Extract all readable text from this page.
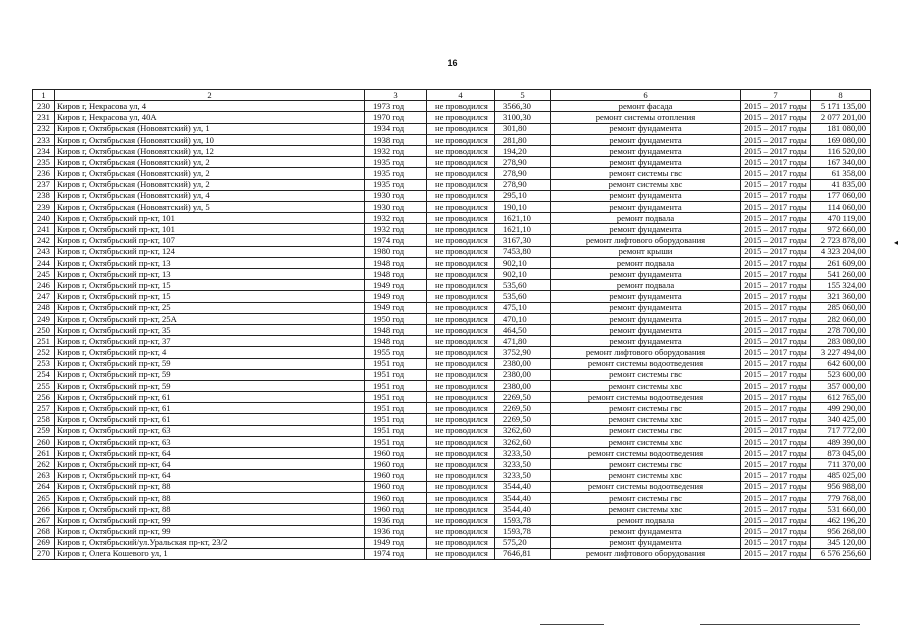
16
1	2	3	4	5	6	7	8
230	Киров г, Некрасова ул, 4	1973 год	не проводился	3566,30	ремонт фасада	2015 – 2017 годы	5 171 135,00
231	Киров г, Некрасова ул, 40А	1970 год	не проводился	3100,30	ремонт системы отопления	2015 – 2017 годы	2 077 201,00
232	Киров г, Октябрьская (Нововятский) ул, 1	1934 год	не проводился	301,80	ремонт фундамента	2015 – 2017 годы	181 080,00
233	Киров г, Октябрьская (Нововятский) ул, 10	1938 год	не проводился	281,80	ремонт фундамента	2015 – 2017 годы	169 080,00
234	Киров г, Октябрьская (Нововятский) ул, 12	1932 год	не проводился	194,20	ремонт фундамента	2015 – 2017 годы	116 520,00
235	Киров г, Октябрьская (Нововятский) ул, 2	1935 год	не проводился	278,90	ремонт фундамента	2015 – 2017 годы	167 340,00
236	Киров г, Октябрьская (Нововятский) ул, 2	1935 год	не проводился	278,90	ремонт системы гвс	2015 – 2017 годы	61 358,00
237	Киров г, Октябрьская (Нововятский) ул, 2	1935 год	не проводился	278,90	ремонт системы хвс	2015 – 2017 годы	41 835,00
238	Киров г, Октябрьская (Нововятский) ул, 4	1930 год	не проводился	295,10	ремонт фундамента	2015 – 2017 годы	177 060,00
239	Киров г, Октябрьская (Нововятский) ул, 5	1930 год	не проводился	190,10	ремонт фундамента	2015 – 2017 годы	114 060,00
240	Киров г, Октябрьский пр-кт, 101	1932 год	не проводился	1621,10	ремонт подвала	2015 – 2017 годы	470 119,00
241	Киров г, Октябрьский пр-кт, 101	1932 год	не проводился	1621,10	ремонт фундамента	2015 – 2017 годы	972 660,00
242	Киров г, Октябрьский пр-кт, 107	1974 год	не проводился	3167,30	ремонт лифтового оборудования	2015 – 2017 годы	2 723 878,00
243	Киров г, Октябрьский пр-кт, 124	1980 год	не проводился	7453,80	ремонт крыши	2015 – 2017 годы	4 323 204,00
244	Киров г, Октябрьский пр-кт, 13	1948 год	не проводился	902,10	ремонт подвала	2015 – 2017 годы	261 609,00
245	Киров г, Октябрьский пр-кт, 13	1948 год	не проводился	902,10	ремонт фундамента	2015 – 2017 годы	541 260,00
246	Киров г, Октябрьский пр-кт, 15	1949 год	не проводился	535,60	ремонт подвала	2015 – 2017 годы	155 324,00
247	Киров г, Октябрьский пр-кт, 15	1949 год	не проводился	535,60	ремонт фундамента	2015 – 2017 годы	321 360,00
248	Киров г, Октябрьский пр-кт, 25	1949 год	не проводился	475,10	ремонт фундамента	2015 – 2017 годы	285 060,00
249	Киров г, Октябрьский пр-кт, 25А	1950 год	не проводился	470,10	ремонт фундамента	2015 – 2017 годы	282 060,00
250	Киров г, Октябрьский пр-кт, 35	1948 год	не проводился	464,50	ремонт фундамента	2015 – 2017 годы	278 700,00
251	Киров г, Октябрьский пр-кт, 37	1948 год	не проводился	471,80	ремонт фундамента	2015 – 2017 годы	283 080,00
252	Киров г, Октябрьский пр-кт, 4	1955 год	не проводился	3752,90	ремонт лифтового оборудования	2015 – 2017 годы	3 227 494,00
253	Киров г, Октябрьский пр-кт, 59	1951 год	не проводился	2380,00	ремонт системы водоотведения	2015 – 2017 годы	642 600,00
254	Киров г, Октябрьский пр-кт, 59	1951 год	не проводился	2380,00	ремонт системы гвс	2015 – 2017 годы	523 600,00
255	Киров г, Октябрьский пр-кт, 59	1951 год	не проводился	2380,00	ремонт системы хвс	2015 – 2017 годы	357 000,00
256	Киров г, Октябрьский пр-кт, 61	1951 год	не проводился	2269,50	ремонт системы водоотведения	2015 – 2017 годы	612 765,00
257	Киров г, Октябрьский пр-кт, 61	1951 год	не проводился	2269,50	ремонт системы гвс	2015 – 2017 годы	499 290,00
258	Киров г, Октябрьский пр-кт, 61	1951 год	не проводился	2269,50	ремонт системы хвс	2015 – 2017 годы	340 425,00
259	Киров г, Октябрьский пр-кт, 63	1951 год	не проводился	3262,60	ремонт системы гвс	2015 – 2017 годы	717 772,00
260	Киров г, Октябрьский пр-кт, 63	1951 год	не проводился	3262,60	ремонт системы хвс	2015 – 2017 годы	489 390,00
261	Киров г, Октябрьский пр-кт, 64	1960 год	не проводился	3233,50	ремонт системы водоотведения	2015 – 2017 годы	873 045,00
262	Киров г, Октябрьский пр-кт, 64	1960 год	не проводился	3233,50	ремонт системы гвс	2015 – 2017 годы	711 370,00
263	Киров г, Октябрьский пр-кт, 64	1960 год	не проводился	3233,50	ремонт системы хвс	2015 – 2017 годы	485 025,00
264	Киров г, Октябрьский пр-кт, 88	1960 год	не проводился	3544,40	ремонт системы водоотведения	2015 – 2017 годы	956 988,00
265	Киров г, Октябрьский пр-кт, 88	1960 год	не проводился	3544,40	ремонт системы гвс	2015 – 2017 годы	779 768,00
266	Киров г, Октябрьский пр-кт, 88	1960 год	не проводился	3544,40	ремонт системы хвс	2015 – 2017 годы	531 660,00
267	Киров г, Октябрьский пр-кт, 99	1936 год	не проводился	1593,78	ремонт подвала	2015 – 2017 годы	462 196,20
268	Киров г, Октябрьский пр-кт, 99	1936 год	не проводился	1593,78	ремонт фундамента	2015 – 2017 годы	956 268,00
269	Киров г, Октябрьский/ул.Уральская пр-кт, 23/2	1949 год	не проводился	575,20	ремонт фундамента	2015 – 2017 годы	345 120,00
270	Киров г, Олега Кошевого ул, 1	1974 год	не проводился	7646,81	ремонт лифтового оборудования	2015 – 2017 годы	6 576 256,60
◂
